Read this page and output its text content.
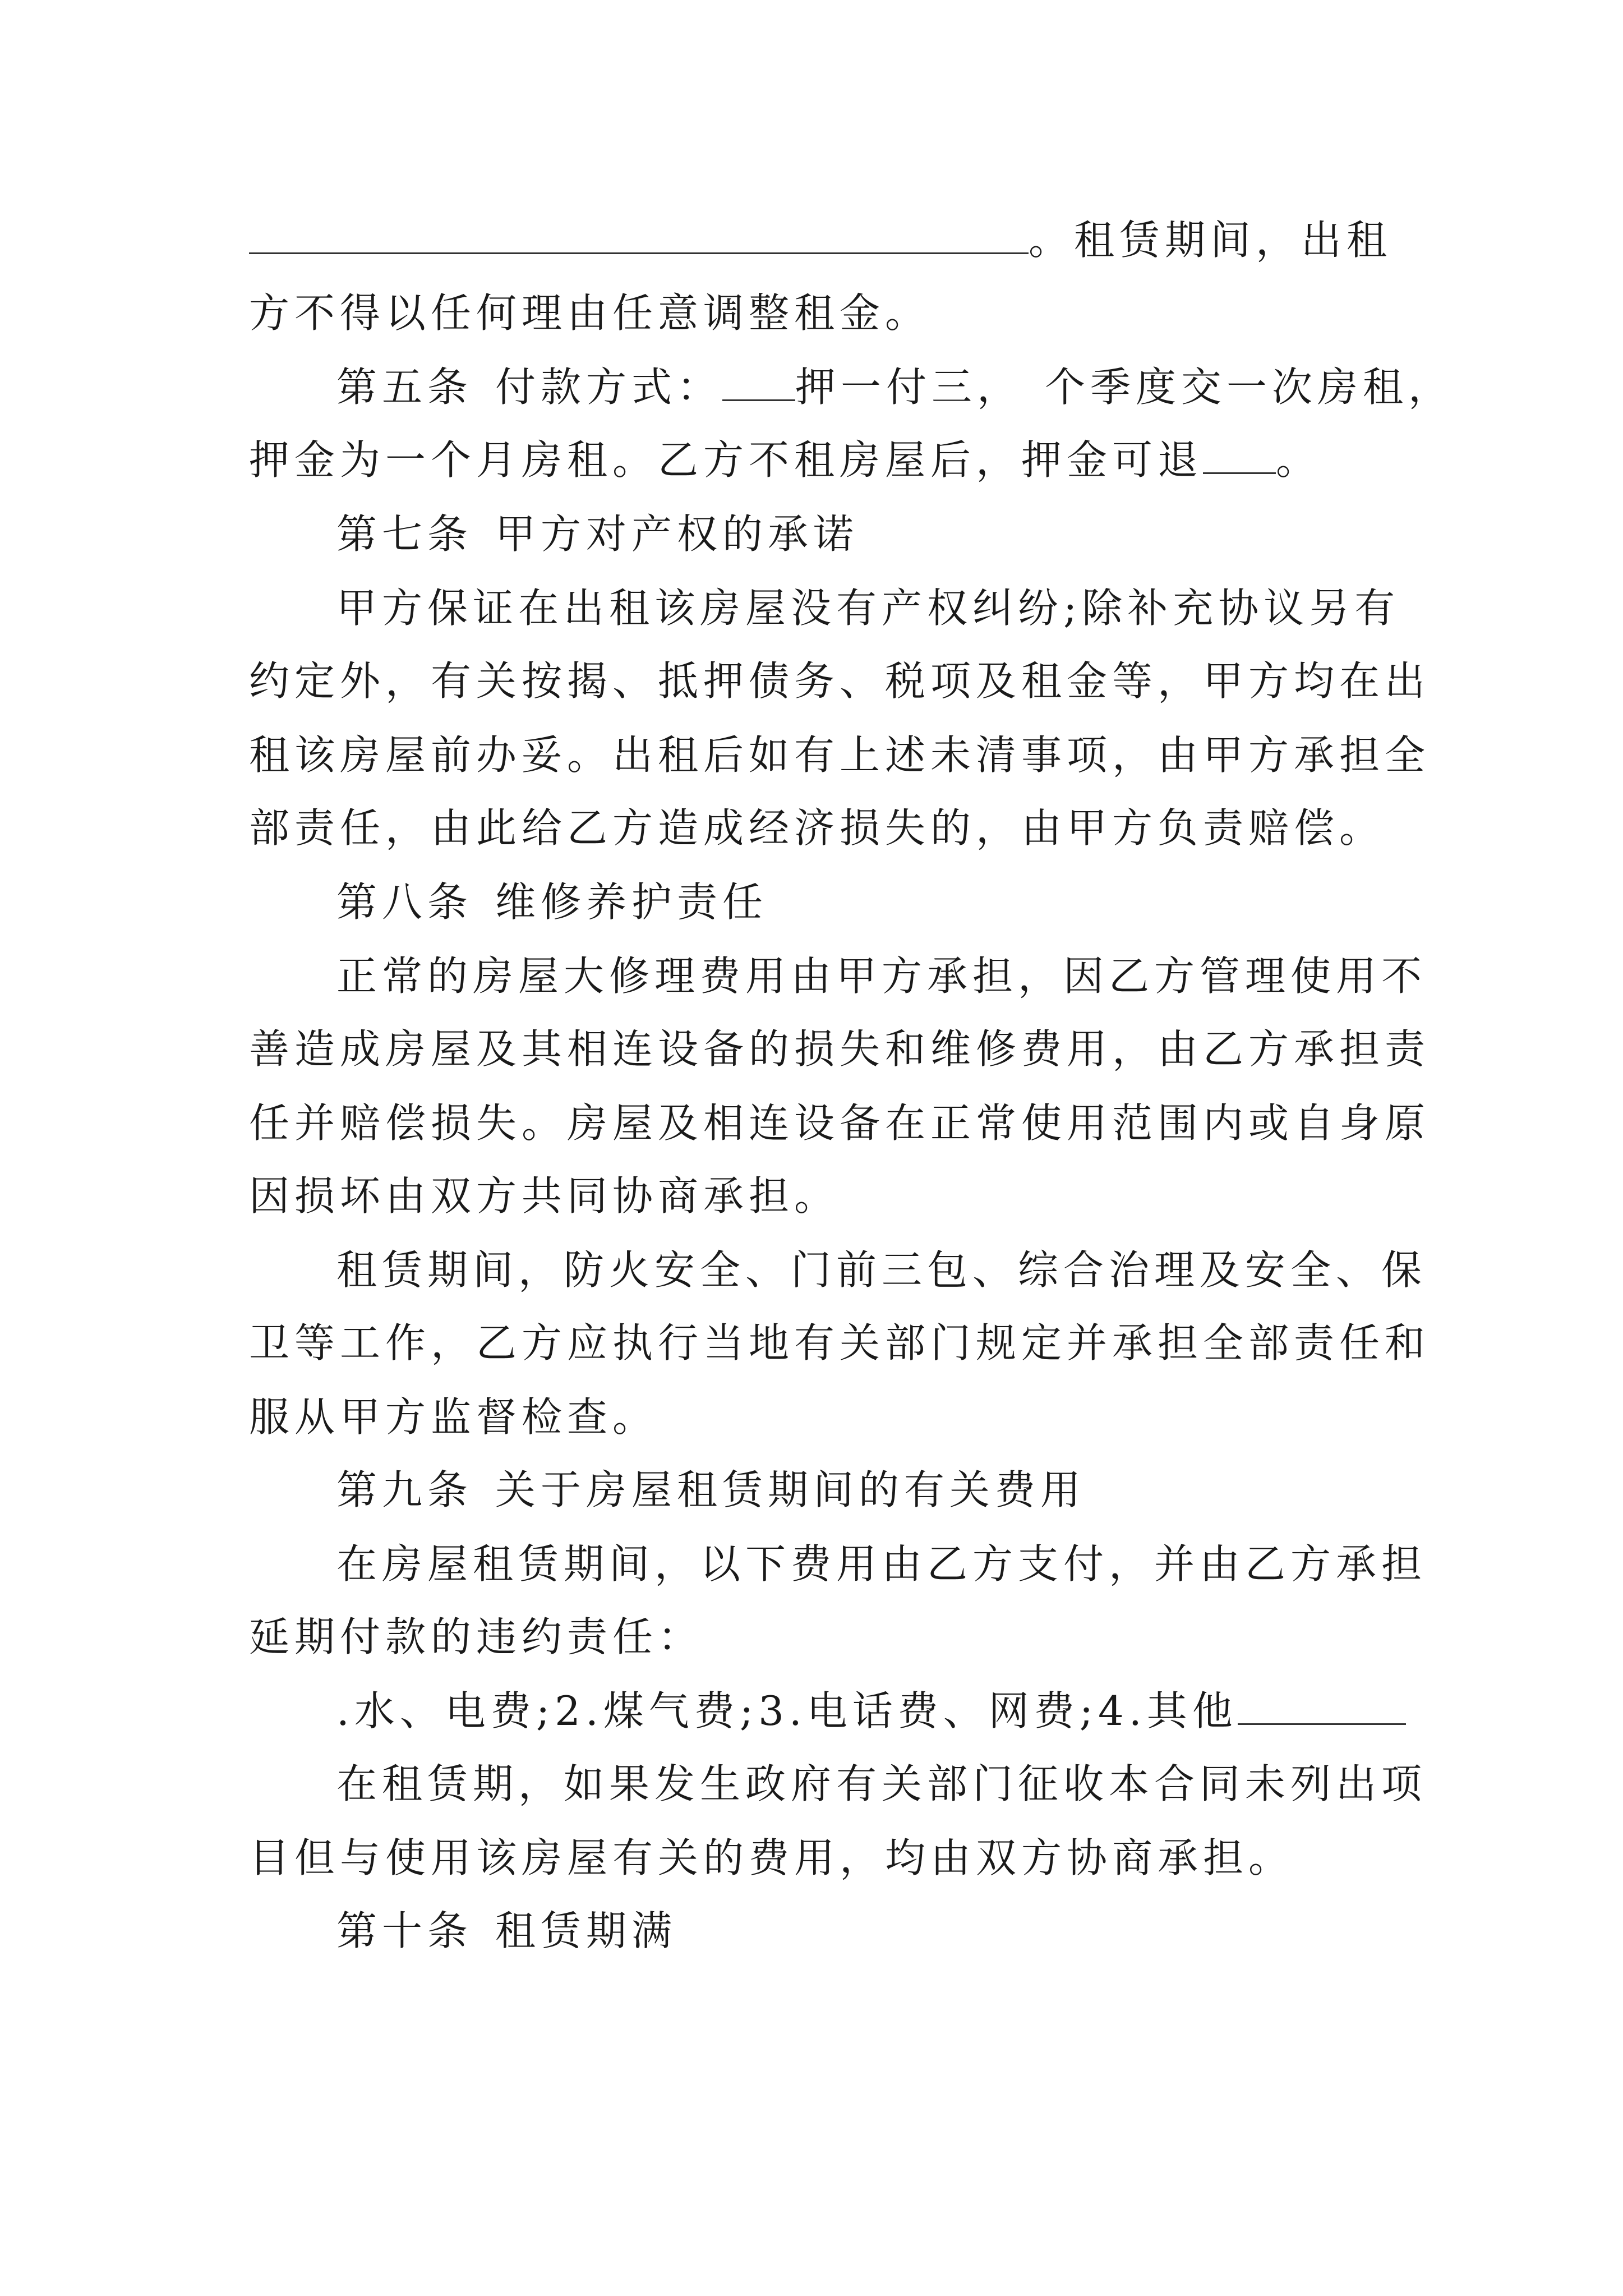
。租赁期间，出租
方不得以任何理由任意调整租金。
第五条 付款方式： 押一付三， 个季度交一次房租，
押金为一个月房租。乙方不租房屋后，押金可退 。
第七条 甲方对产权的承诺
甲方保证在出租该房屋没有产权纠纷;除补充协议另有
约定外，有关按揭、抵押债务、税项及租金等，甲方均在出
租该房屋前办妥。出租后如有上述未清事项，由甲方承担全
部责任，由此给乙方造成经济损失的，由甲方负责赔偿。
第八条 维修养护责任
正常的房屋大修理费用由甲方承担，因乙方管理使用不
善造成房屋及其相连设备的损失和维修费用，由乙方承担责
任并赔偿损失。房屋及相连设备在正常使用范围内或自身原
因损坏由双方共同协商承担。
租赁期间，防火安全、门前三包、综合治理及安全、保
卫等工作，乙方应执行当地有关部门规定并承担全部责任和
服从甲方监督检查。
第九条 关于房屋租赁期间的有关费用
在房屋租赁期间，以下费用由乙方支付，并由乙方承担
延期付款的违约责任：
.水、电费;2.煤气费;3.电话费、网费;4.其他
在租赁期，如果发生政府有关部门征收本合同未列出项
目但与使用该房屋有关的费用，均由双方协商承担。
第十条 租赁期满
